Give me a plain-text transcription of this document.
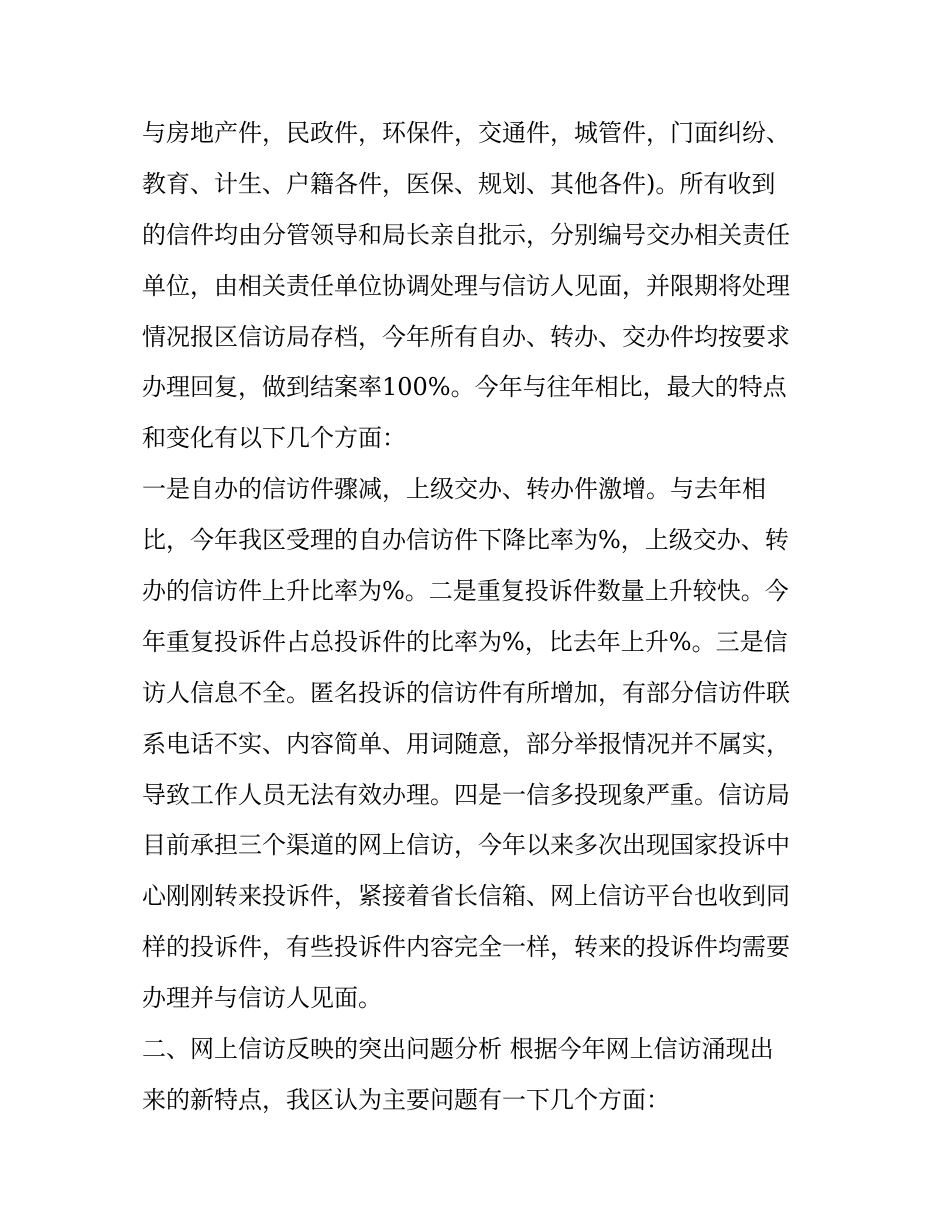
与房地产件，民政件，环保件，交通件，城管件，门面纠纷、
教育、计生、户籍各件，医保、规划、其他各件)。所有收到
的信件均由分管领导和局长亲自批示，分别编号交办相关责任
单位，由相关责任单位协调处理与信访人见面，并限期将处理
情况报区信访局存档，今年所有自办、转办、交办件均按要求
办理回复，做到结案率100%。今年与往年相比，最大的特点
和变化有以下几个方面：
一是自办的信访件骤减，上级交办、转办件激增。与去年相
比，今年我区受理的自办信访件下降比率为%，上级交办、转
办的信访件上升比率为%。二是重复投诉件数量上升较快。今
年重复投诉件占总投诉件的比率为%，比去年上升%。三是信
访人信息不全。匿名投诉的信访件有所增加，有部分信访件联
系电话不实、内容简单、用词随意，部分举报情况并不属实，
导致工作人员无法有效办理。四是一信多投现象严重。信访局
目前承担三个渠道的网上信访，今年以来多次出现国家投诉中
心刚刚转来投诉件，紧接着省长信箱、网上信访平台也收到同
样的投诉件，有些投诉件内容完全一样，转来的投诉件均需要
办理并与信访人见面。
二、网上信访反映的突出问题分析 根据今年网上信访涌现出
来的新特点，我区认为主要问题有一下几个方面：
